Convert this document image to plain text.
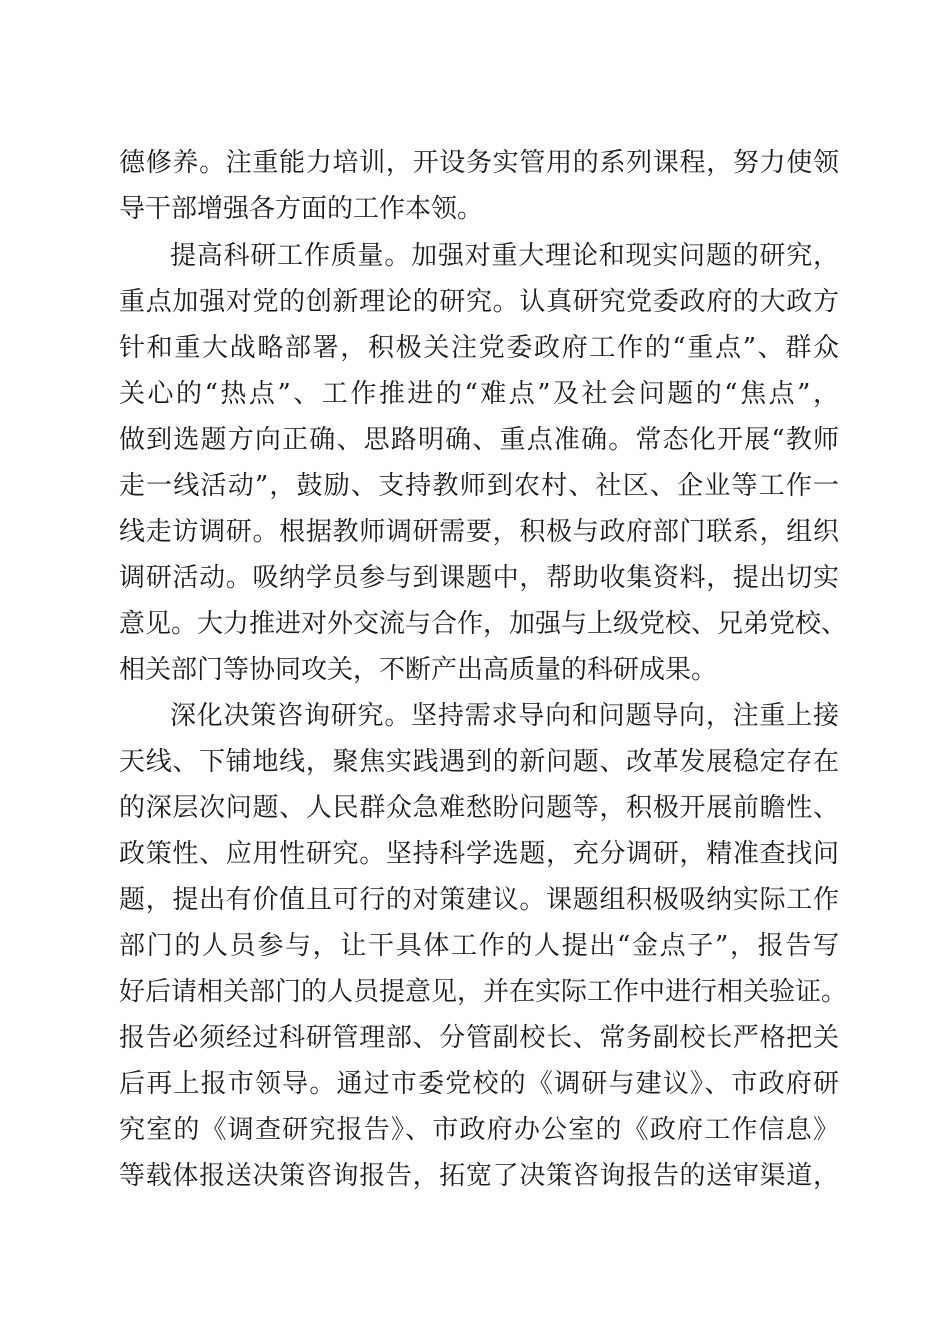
德修养。注重能力培训，开设务实管用的系列课程，努力使领
导干部增强各方面的工作本领。
提高科研工作质量。加强对重大理论和现实问题的研究，
重点加强对党的创新理论的研究。认真研究党委政府的大政方
针和重大战略部署，积极关注党委政府工作的“重点”、群众
关心的“热点”、工作推进的“难点”及社会问题的“焦点”，
做到选题方向正确、思路明确、重点准确。常态化开展“教师
走一线活动”，鼓励、支持教师到农村、社区、企业等工作一
线走访调研。根据教师调研需要，积极与政府部门联系，组织
调研活动。吸纳学员参与到课题中，帮助收集资料，提出切实
意见。大力推进对外交流与合作，加强与上级党校、兄弟党校、
相关部门等协同攻关，不断产出高质量的科研成果。
深化决策咨询研究。坚持需求导向和问题导向，注重上接
天线、下铺地线，聚焦实践遇到的新问题、改革发展稳定存在
的深层次问题、人民群众急难愁盼问题等，积极开展前瞻性、
政策性、应用性研究。坚持科学选题，充分调研，精准查找问
题，提出有价值且可行的对策建议。课题组积极吸纳实际工作
部门的人员参与，让干具体工作的人提出“金点子”，报告写
好后请相关部门的人员提意见，并在实际工作中进行相关验证。
报告必须经过科研管理部、分管副校长、常务副校长严格把关
后再上报市领导。通过市委党校的《调研与建议》、市政府研
究室的《调查研究报告》、市政府办公室的《政府工作信息》
等载体报送决策咨询报告，拓宽了决策咨询报告的送审渠道，
